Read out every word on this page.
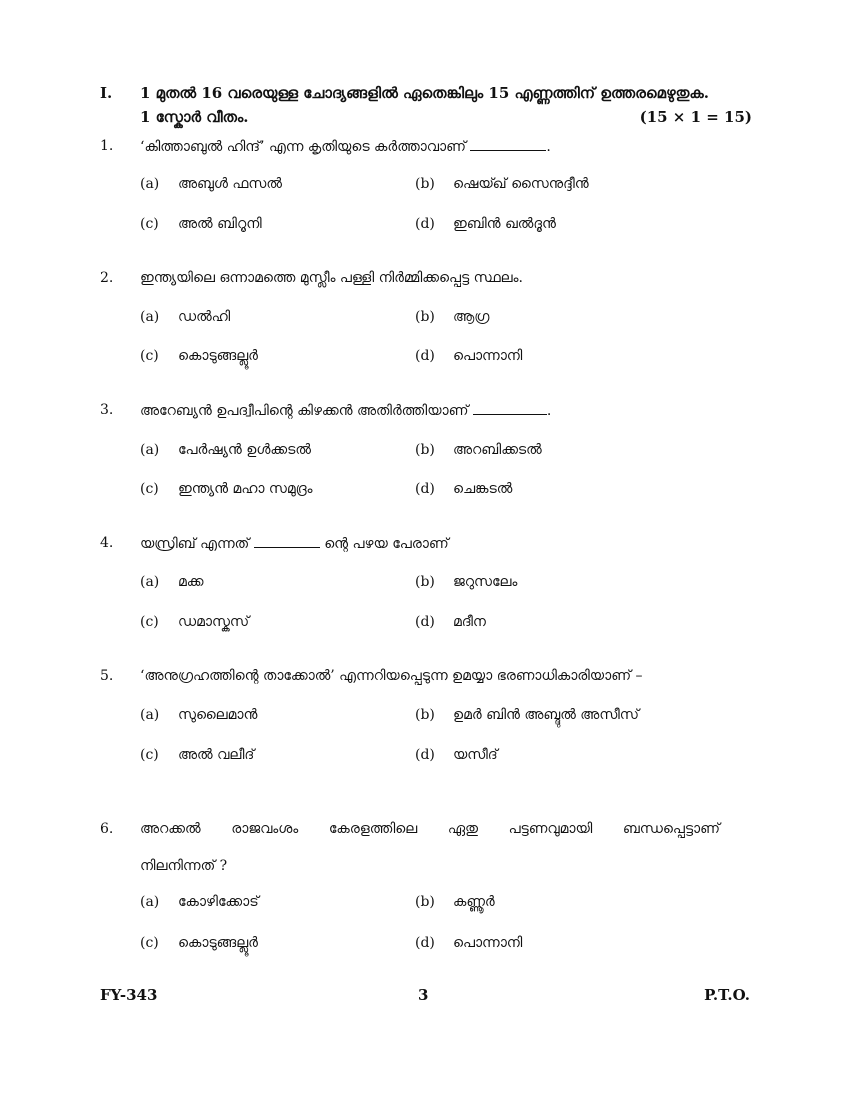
I. 1 മുതൽ 16 വരെയുള്ള ചോദ്യങ്ങളിൽ ഏതെങ്കിലും 15 എണ്ണത്തിന് ഉത്തരമെഴുതുക.
1 സ്കോർ വീതം.	(15 × 1 = 15)
1. ‘കിത്താബുൽ ഹിന്ദ്’ എന്ന കൃതിയുടെ കർത്താവാണ്	.
(a) അബുൾ ഫസൽ	(b) ഷെയ്ഖ് സൈനുദ്ദീൻ
(c) അൽ ബിറൂനി	(d) ഇബിൻ ഖൽദൂൻ
2. ഇന്ത്യയിലെ ഒന്നാമത്തെ മുസ്ലീം പള്ളി നിർമ്മിക്കപ്പെട്ട സ്ഥലം.
(a) ഡൽഹി	(b) ആഗ്ര
(c) കൊടുങ്ങല്ലൂർ	(d) പൊന്നാനി
3. അറേബ്യൻ ഉപദ്വീപിന്റെ കിഴക്കൻ അതിർത്തിയാണ്	.
(a) പേർഷ്യൻ ഉൾക്കടൽ	(b) അറബിക്കടൽ
(c) ഇന്ത്യൻ മഹാ സമുദ്രം	(d) ചെങ്കടൽ
4. യസ്രിബ് എന്നത്	ന്റെ പഴയ പേരാണ്
(a) മക്ക	(b) ജറുസലേം
(c) ഡമാസ്കസ്	(d) മദീന
5. ‘അനുഗ്രഹത്തിന്റെ താക്കോൽ’ എന്നറിയപ്പെടുന്ന ഉമയ്യാ ഭരണാധികാരിയാണ് –
(a) സുലൈമാൻ	(b) ഉമർ ബിൻ അബ്ദുൽ അസീസ്
(c) അൽ വലീദ്	(d) യസീദ്
6. അറക്കൽ രാജവംശം കേരളത്തിലെ ഏതു പട്ടണവുമായി ബന്ധപ്പെട്ടാണ്
നിലനിന്നത് ?
(a) കോഴിക്കോട്	(b) കണ്ണൂർ
(c) കൊടുങ്ങല്ലൂർ	(d) പൊന്നാനി
FY-343	3	P.T.O.
